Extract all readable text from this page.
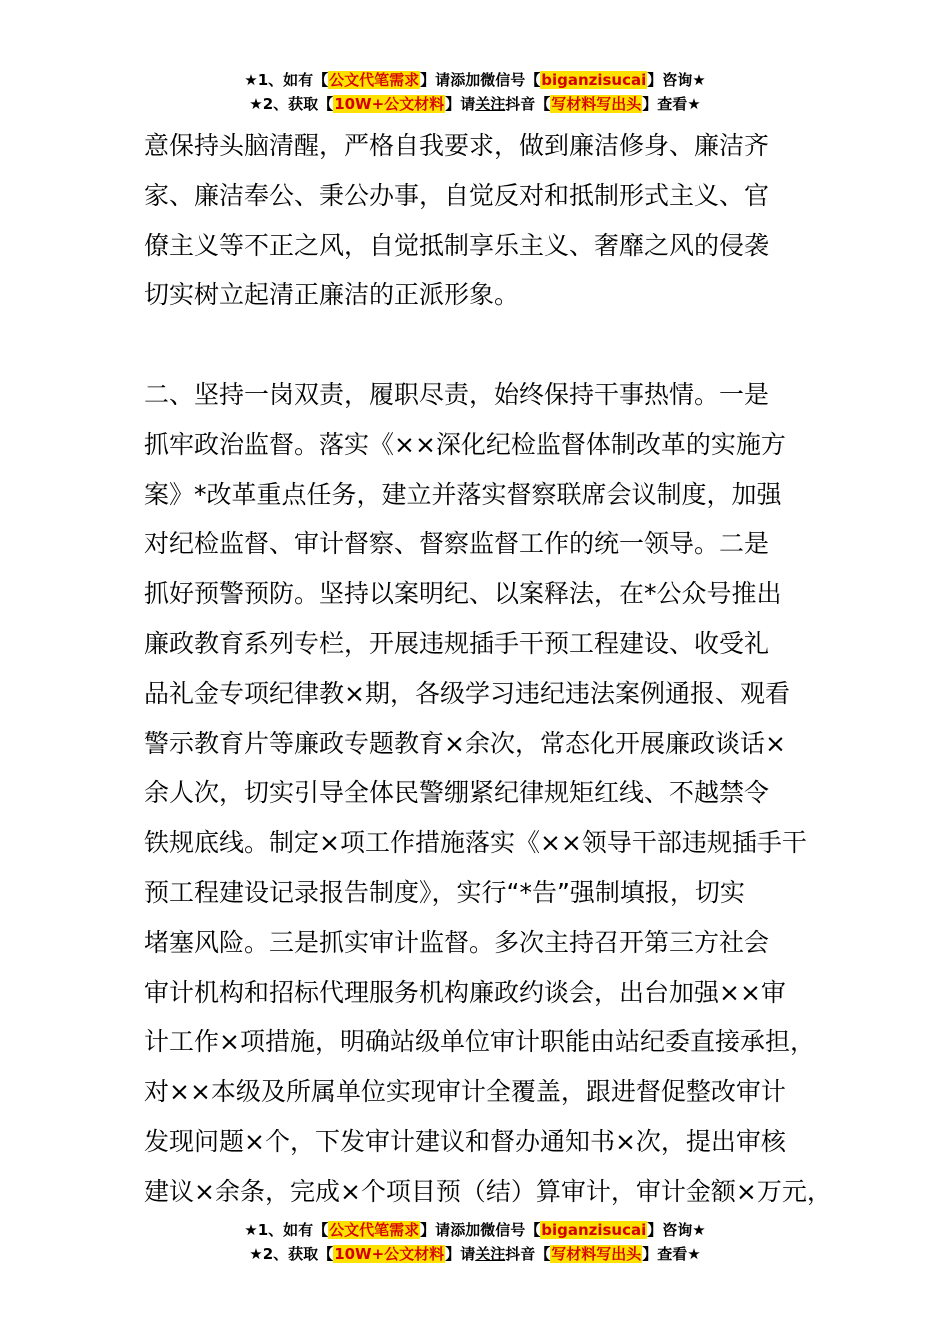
★1、如有【公文代笔需求】请添加微信号【biganzisucai】咨询★
★2、获取【10W+公文材料】请关注抖音【写材料写出头】查看★
意保持头脑清醒，严格自我要求，做到廉洁修身、廉洁齐
家、廉洁奉公、秉公办事，自觉反对和抵制形式主义、官
僚主义等不正之风，自觉抵制享乐主义、奢靡之风的侵袭
切实树立起清正廉洁的正派形象。
二、坚持一岗双责，履职尽责，始终保持干事热情。一是
抓牢政治监督。落实《××深化纪检监督体制改革的实施方
案》*改革重点任务，建立并落实督察联席会议制度，加强
对纪检监督、审计督察、督察监督工作的统一领导。二是
抓好预警预防。坚持以案明纪、以案释法，在*公众号推出
廉政教育系列专栏，开展违规插手干预工程建设、收受礼
品礼金专项纪律教×期，各级学习违纪违法案例通报、观看
警示教育片等廉政专题教育×余次，常态化开展廉政谈话×
余人次，切实引导全体民警绷紧纪律规矩红线、不越禁令
铁规底线。制定×项工作措施落实《××领导干部违规插手干
预工程建设记录报告制度》，实行“*告”强制填报，切实
堵塞风险。三是抓实审计监督。多次主持召开第三方社会
审计机构和招标代理服务机构廉政约谈会，出台加强××审
计工作×项措施，明确站级单位审计职能由站纪委直接承担，
对××本级及所属单位实现审计全覆盖，跟进督促整改审计
发现问题×个，下发审计建议和督办通知书×次，提出审核
建议×余条，完成×个项目预（结）算审计，审计金额×万元，
★1、如有【公文代笔需求】请添加微信号【biganzisucai】咨询★
★2、获取【10W+公文材料】请关注抖音【写材料写出头】查看★
